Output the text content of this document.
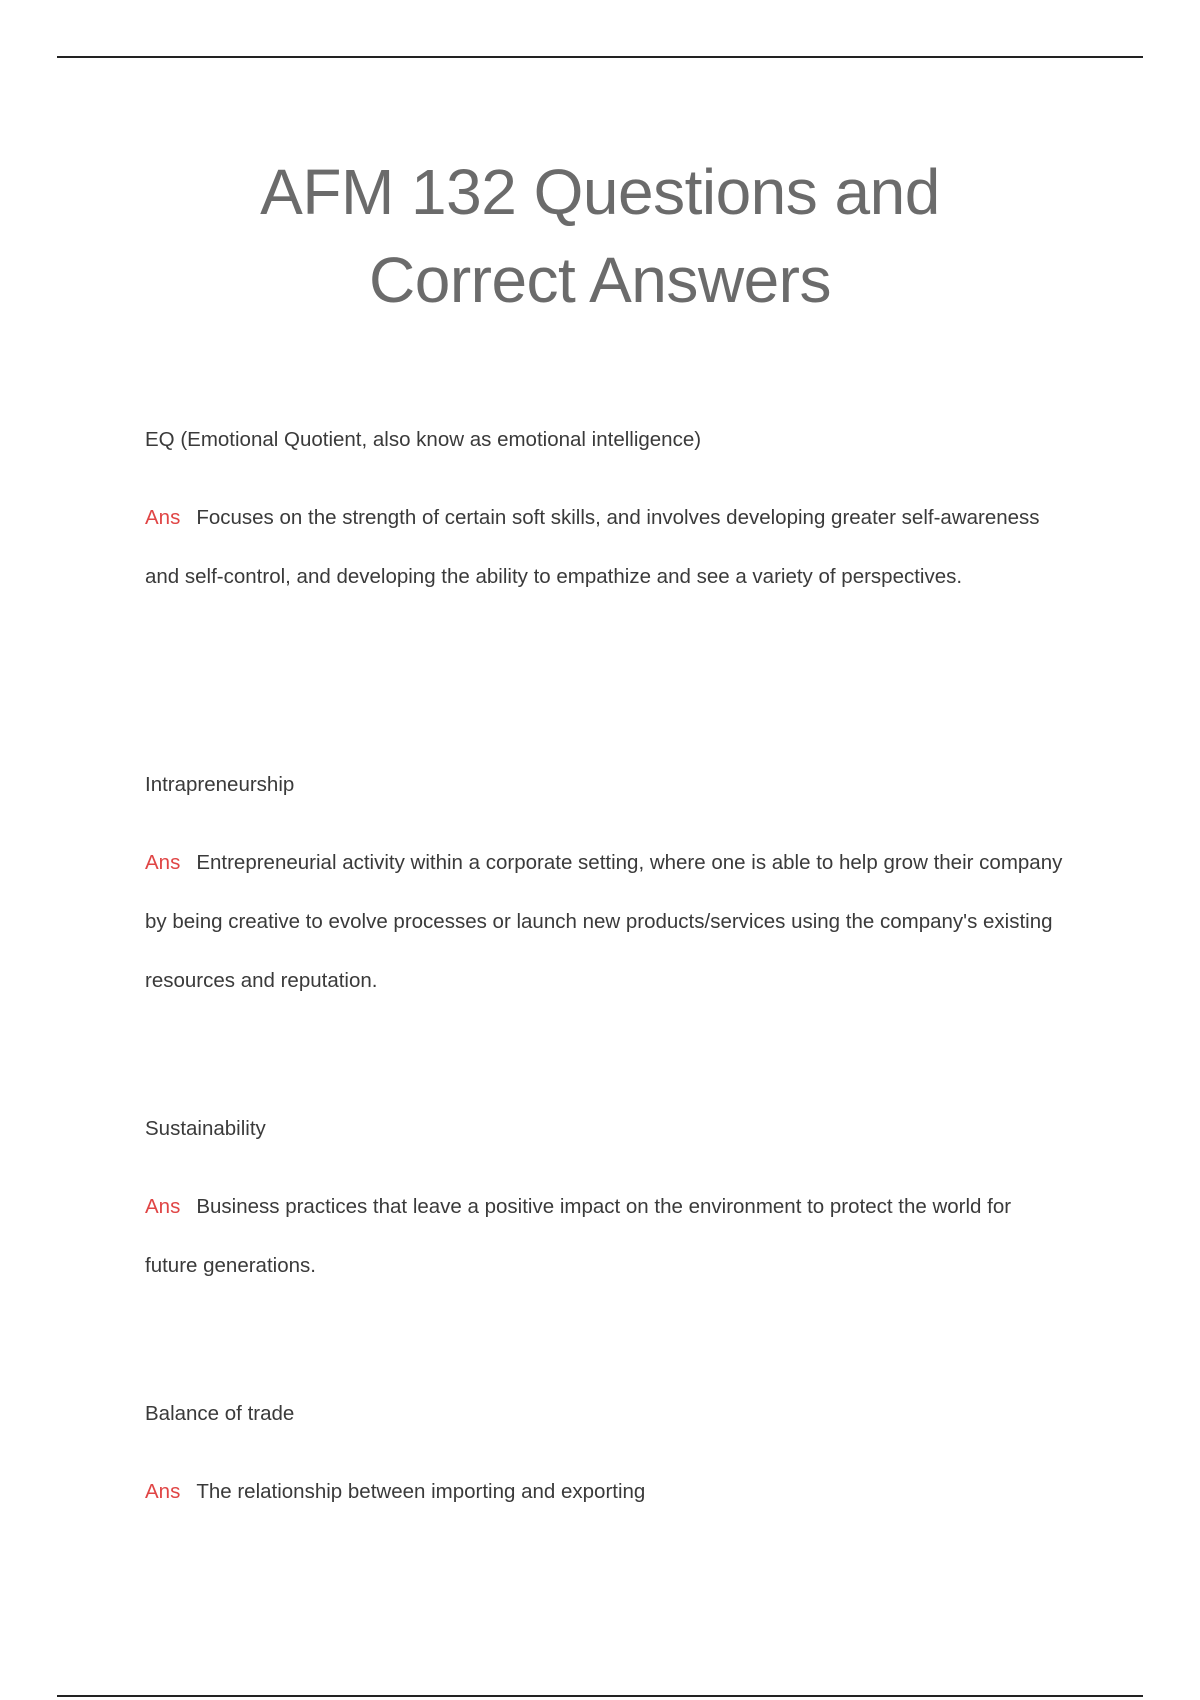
AFM 132 Questions and
Correct Answers

EQ (Emotional Quotient, also know as emotional intelligence)

Ans Focuses on the strength of certain soft skills, and involves developing greater self-awareness and self-control, and developing the ability to empathize and see a variety of perspectives.

Intrapreneurship

Ans Entrepreneurial activity within a corporate setting, where one is able to help grow their company by being creative to evolve processes or launch new products/services using the company's existing resources and reputation.

Sustainability

Ans Business practices that leave a positive impact on the environment to protect the world for future generations.

Balance of trade

Ans The relationship between importing and exporting
